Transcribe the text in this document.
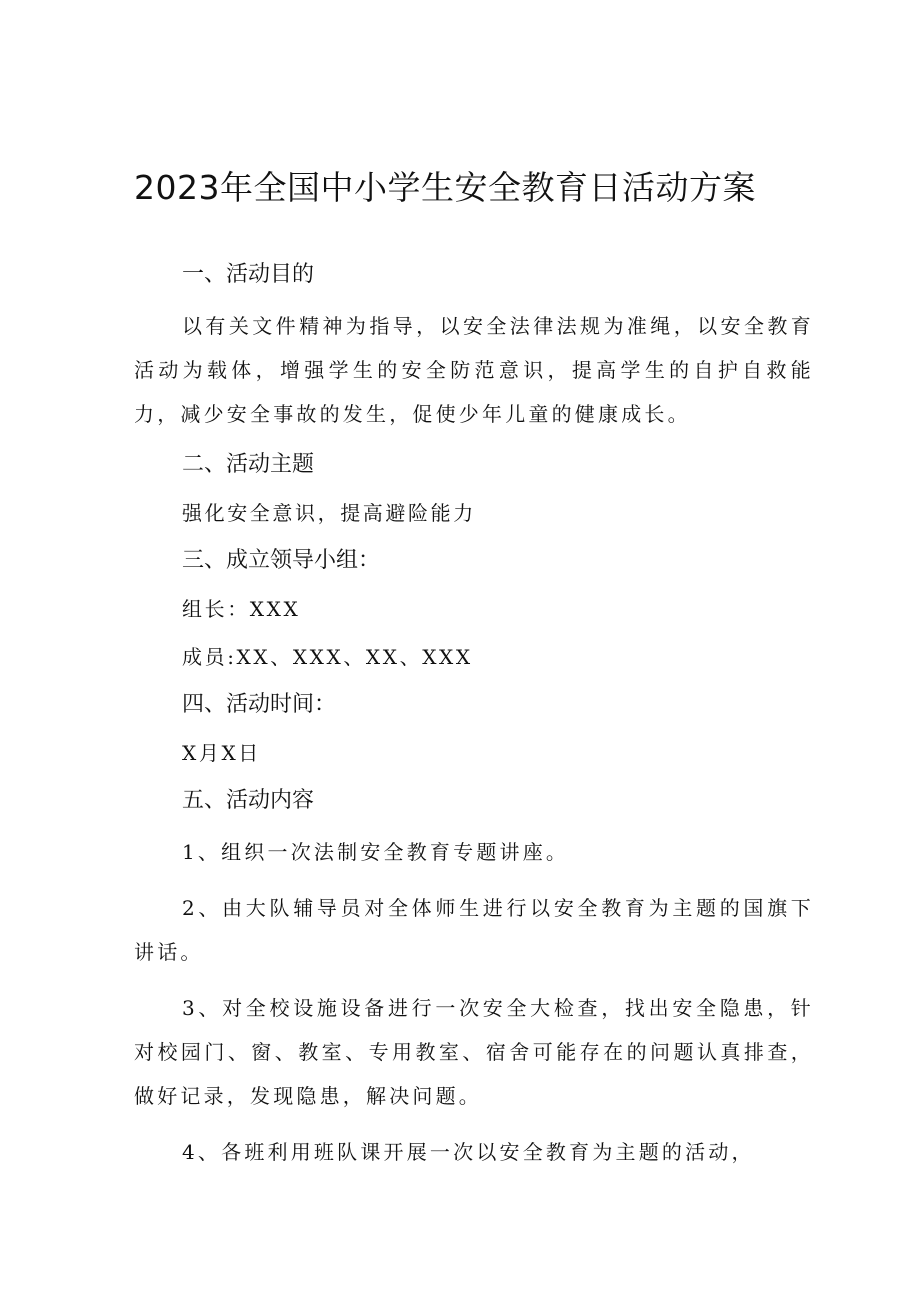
2023年全国中小学生安全教育日活动方案
一、活动目的

以有关文件精神为指导，以安全法律法规为准绳，以安全教育活动为载体，增强学生的安全防范意识，提高学生的自护自救能力，减少安全事故的发生，促使少年儿童的健康成长。

二、活动主题
强化安全意识，提高避险能力
三、成立领导小组：
组长：XXX
成员:XX、XXX、XX、XXX
四、活动时间：
X月X日
五、活动内容

1、组织一次法制安全教育专题讲座。

2、由大队辅导员对全体师生进行以安全教育为主题的国旗下讲话。

3、对全校设施设备进行一次安全大检查，找出安全隐患，针对校园门、窗、教室、专用教室、宿舍可能存在的问题认真排查，做好记录，发现隐患，解决问题。

4、各班利用班队课开展一次以安全教育为主题的活动，
